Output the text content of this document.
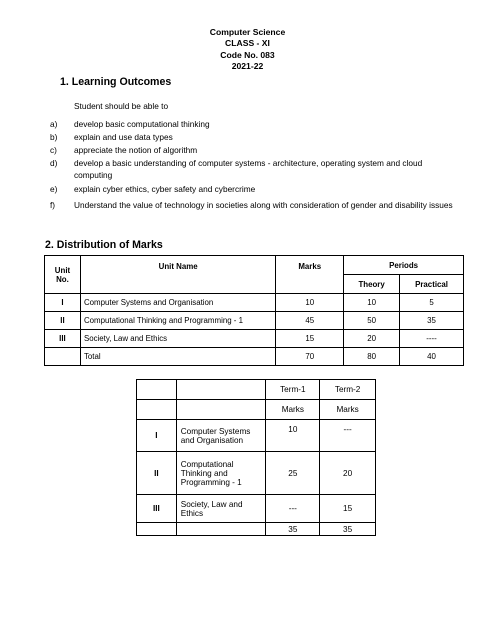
Computer Science
CLASS - XI
Code No. 083
2021-22
1. Learning Outcomes
Student should be able to
a) develop basic computational thinking
b) explain and use data types
c) appreciate the notion of algorithm
d) develop a basic understanding of computer systems - architecture, operating system and cloud computing
e) explain cyber ethics, cyber safety and cybercrime
f) Understand the value of technology in societies along with consideration of gender and disability issues
2. Distribution of Marks
Unit No.	Unit Name	Marks	Periods	
			Theory	Practical
I	Computer Systems and Organisation	10	10	5
II	Computational Thinking and Programming - 1	45	50	35
III	Society, Law and Ethics	15	20	----
	Total	70	80	40
		Term-1	Term-2
		Marks	Marks
I	Computer Systems and Organisation	10	---
II	Computational Thinking and Programming - 1	25	20
III	Society, Law and Ethics	---	15
		35	35
